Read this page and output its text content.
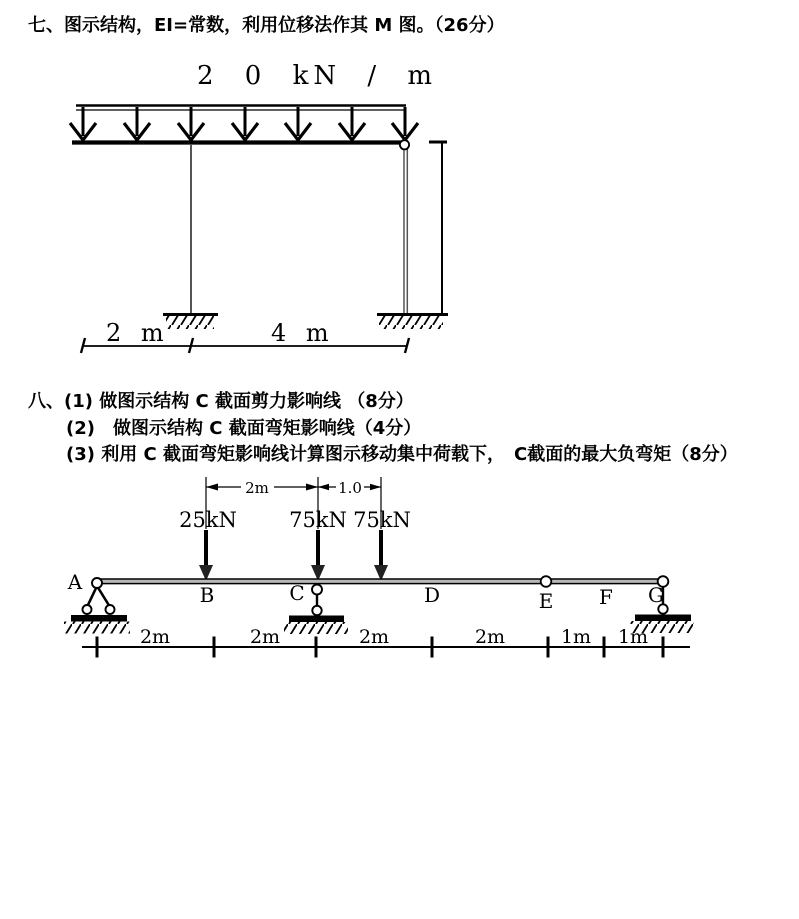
七、图示结构，EI=常数，利用位移法作其 M 图。（26分）
2 0 kN / m
2 m	4 m
八、(1) 做图示结构 C 截面剪力影响线 （8分）
(2)　做图示结构 C 截面弯矩影响线（4分）
(3) 利用 C 截面弯矩影响线计算图示移动集中荷载下，　C截面的最大负弯矩（8分）
2m	1.0
25kN 75kN 75kN
A
B	C	D	E F G
2m	2m	2m	2m	1m 1m
